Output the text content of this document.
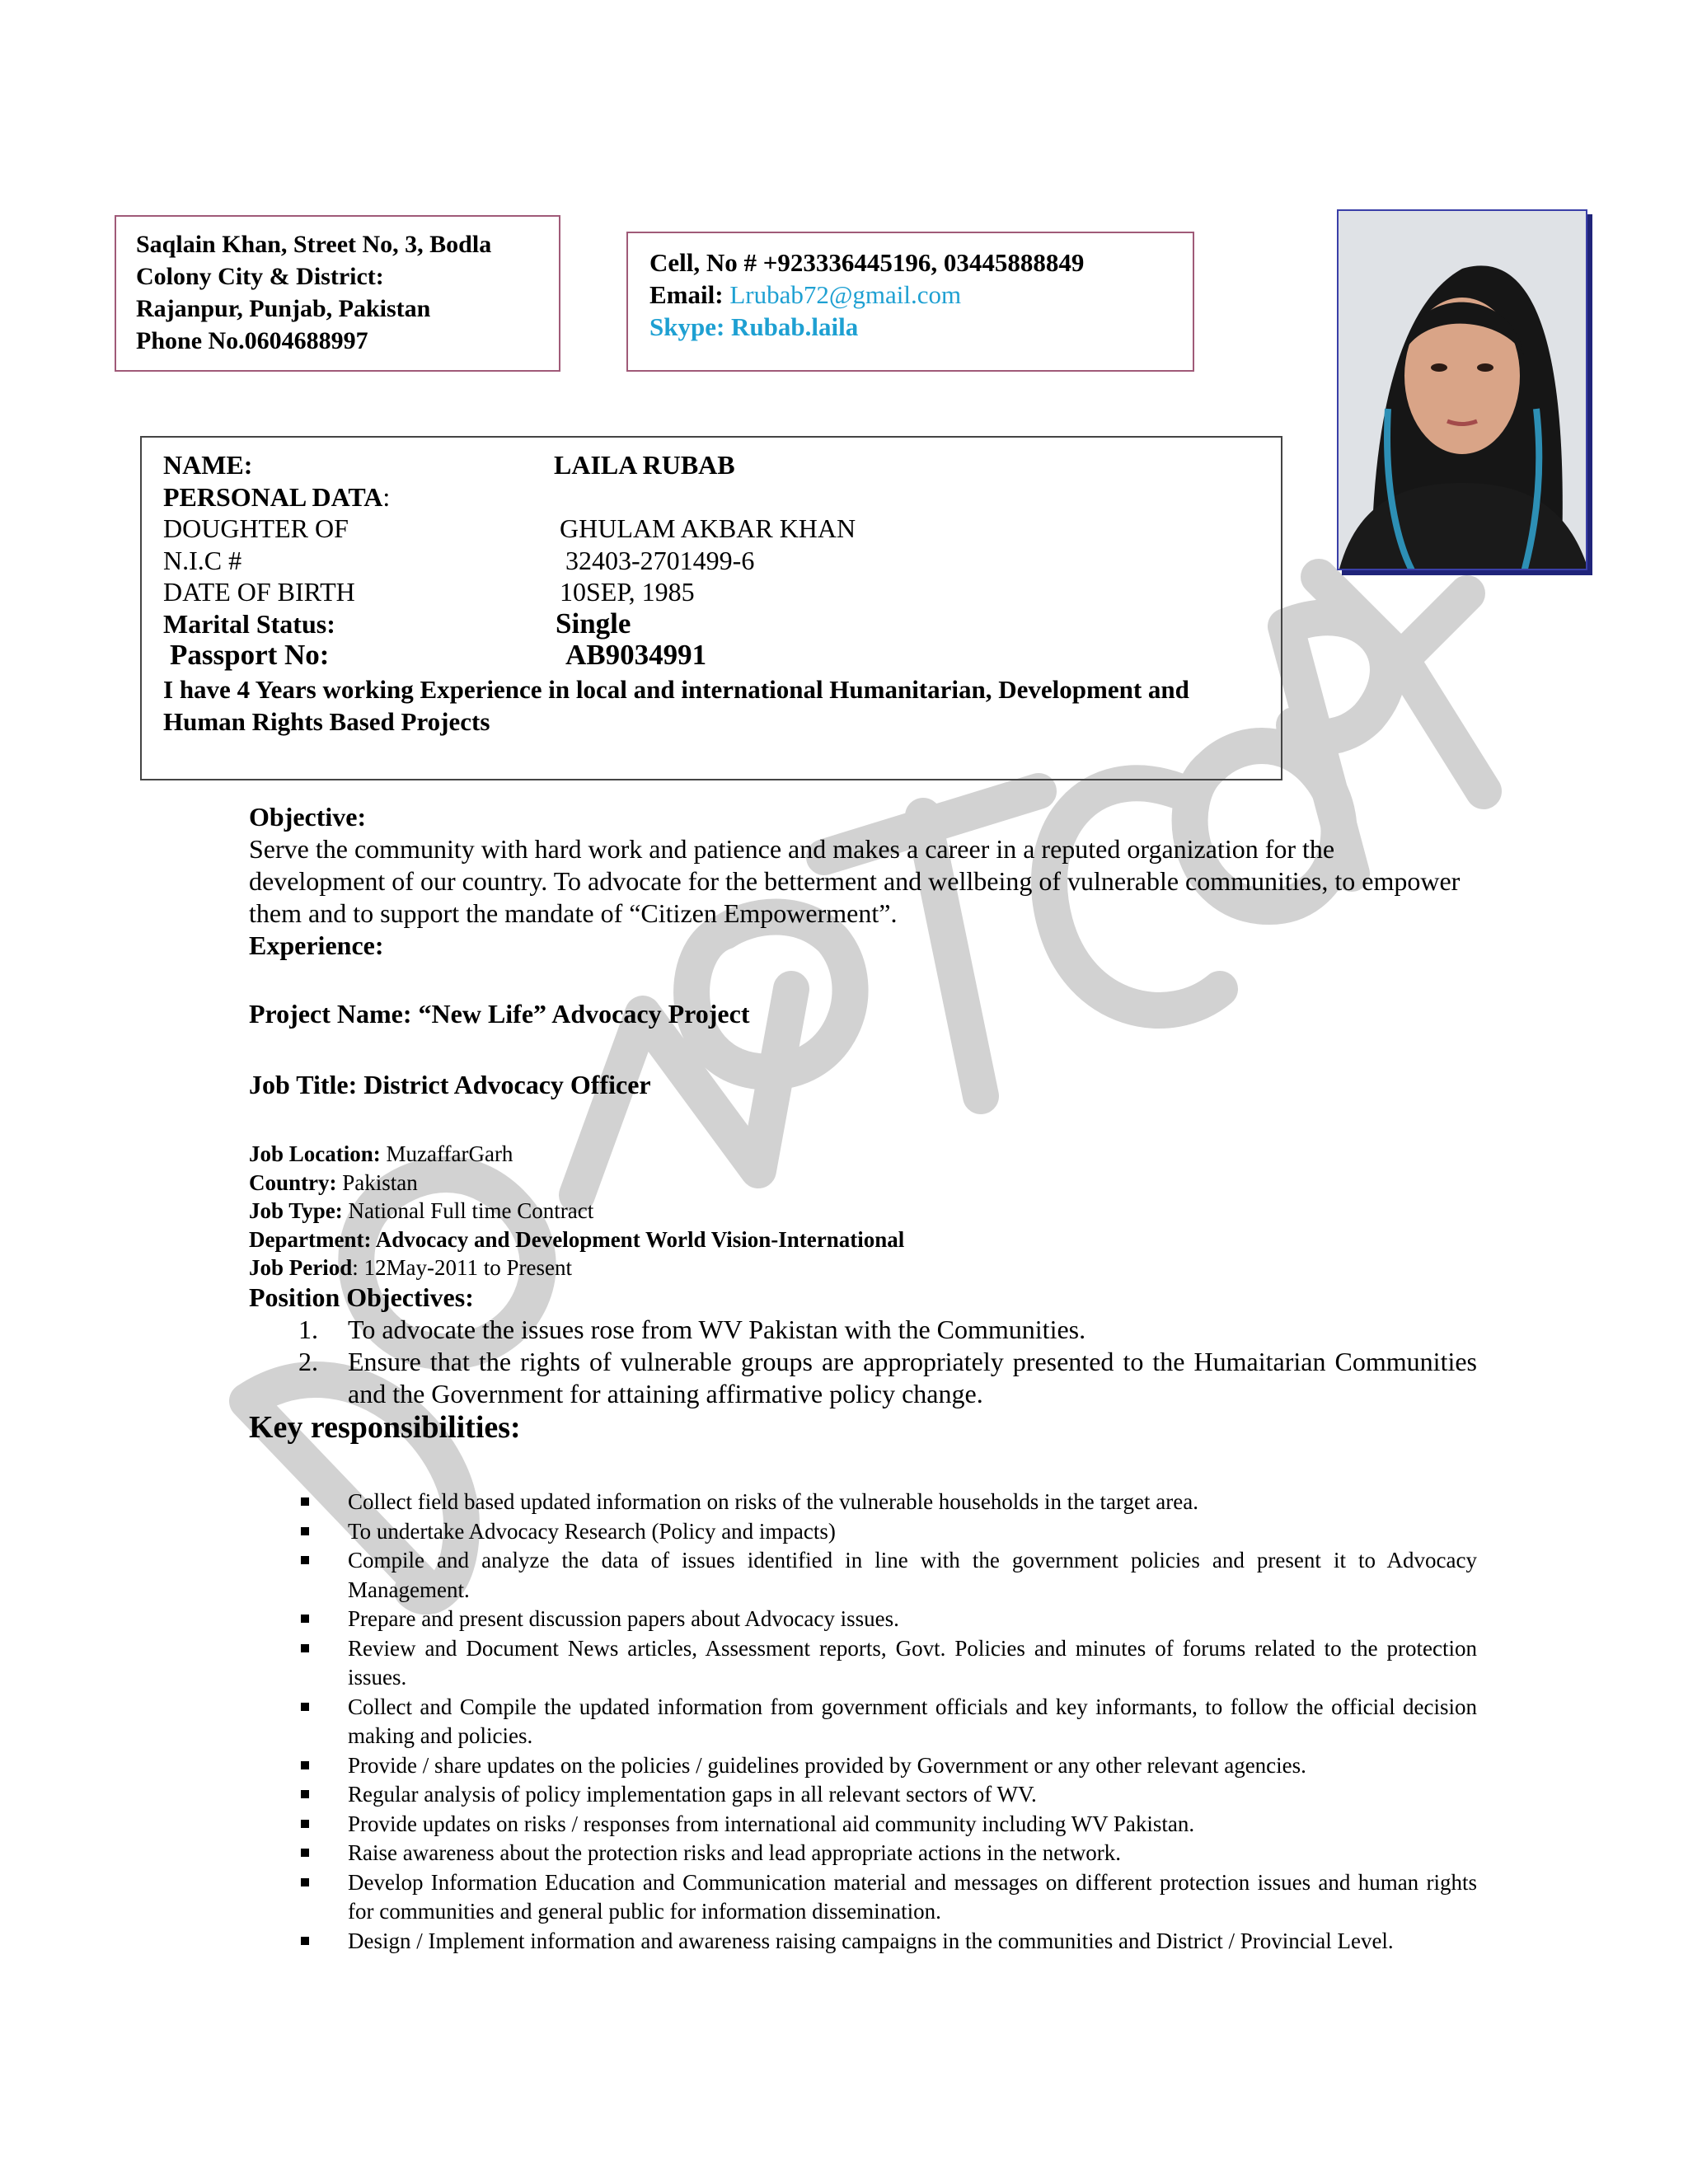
Saqlain Khan, Street No, 3, Bodla
Colony City & District:
Rajanpur, Punjab, Pakistan
Phone No.0604688997
Cell, No # +923336445196, 03445888849
Email: Lrubab72@gmail.com
Skype: Rubab.laila
NAME:	LAILA RUBAB
PERSONAL DATA:
DOUGHTER OF	GHULAM AKBAR KHAN
N.I.C #	32403-2701499-6
DATE OF BIRTH	10SEP, 1985
Marital Status:	Single
Passport No:	AB9034991
I have 4 Years working Experience in local and international Humanitarian, Development and Human Rights Based Projects
Objective:
Serve the community with hard work and patience and makes a career in a reputed organization for the development of our country. To advocate for the betterment and wellbeing of vulnerable communities, to empower them and to support the mandate of “Citizen Empowerment”.
Experience:
Project Name: “New Life” Advocacy Project
Job Title: District Advocacy Officer
Job Location: MuzaffarGarh
Country: Pakistan
Job Type: National Full time Contract
Department: Advocacy and Development World Vision-International
Job Period: 12May-2011 to Present
Position Objectives:
1. To advocate the issues rose from WV Pakistan with the Communities.
2. Ensure that the rights of vulnerable groups are appropriately presented to the Humaitarian Communities and the Government for attaining affirmative policy change.
Key responsibilities:
Collect field based updated information on risks of the vulnerable households in the target area.
To undertake Advocacy Research (Policy and impacts)
Compile and analyze the data of issues identified in line with the government policies and present it to Advocacy Management.
Prepare and present discussion papers about Advocacy issues.
Review and Document News articles, Assessment reports, Govt. Policies and minutes of forums related to the protection issues.
Collect and Compile the updated information from government officials and key informants, to follow the official decision making and policies.
Provide / share updates on the policies / guidelines provided by Government or any other relevant agencies.
Regular analysis of policy implementation gaps in all relevant sectors of WV.
Provide updates on risks / responses from international aid community including WV Pakistan.
Raise awareness about the protection risks and lead appropriate actions in the network.
Develop Information Education and Communication material and messages on different protection issues and human rights for communities and general public for information dissemination.
Design / Implement information and awareness raising campaigns in the communities and District / Provincial Level.
